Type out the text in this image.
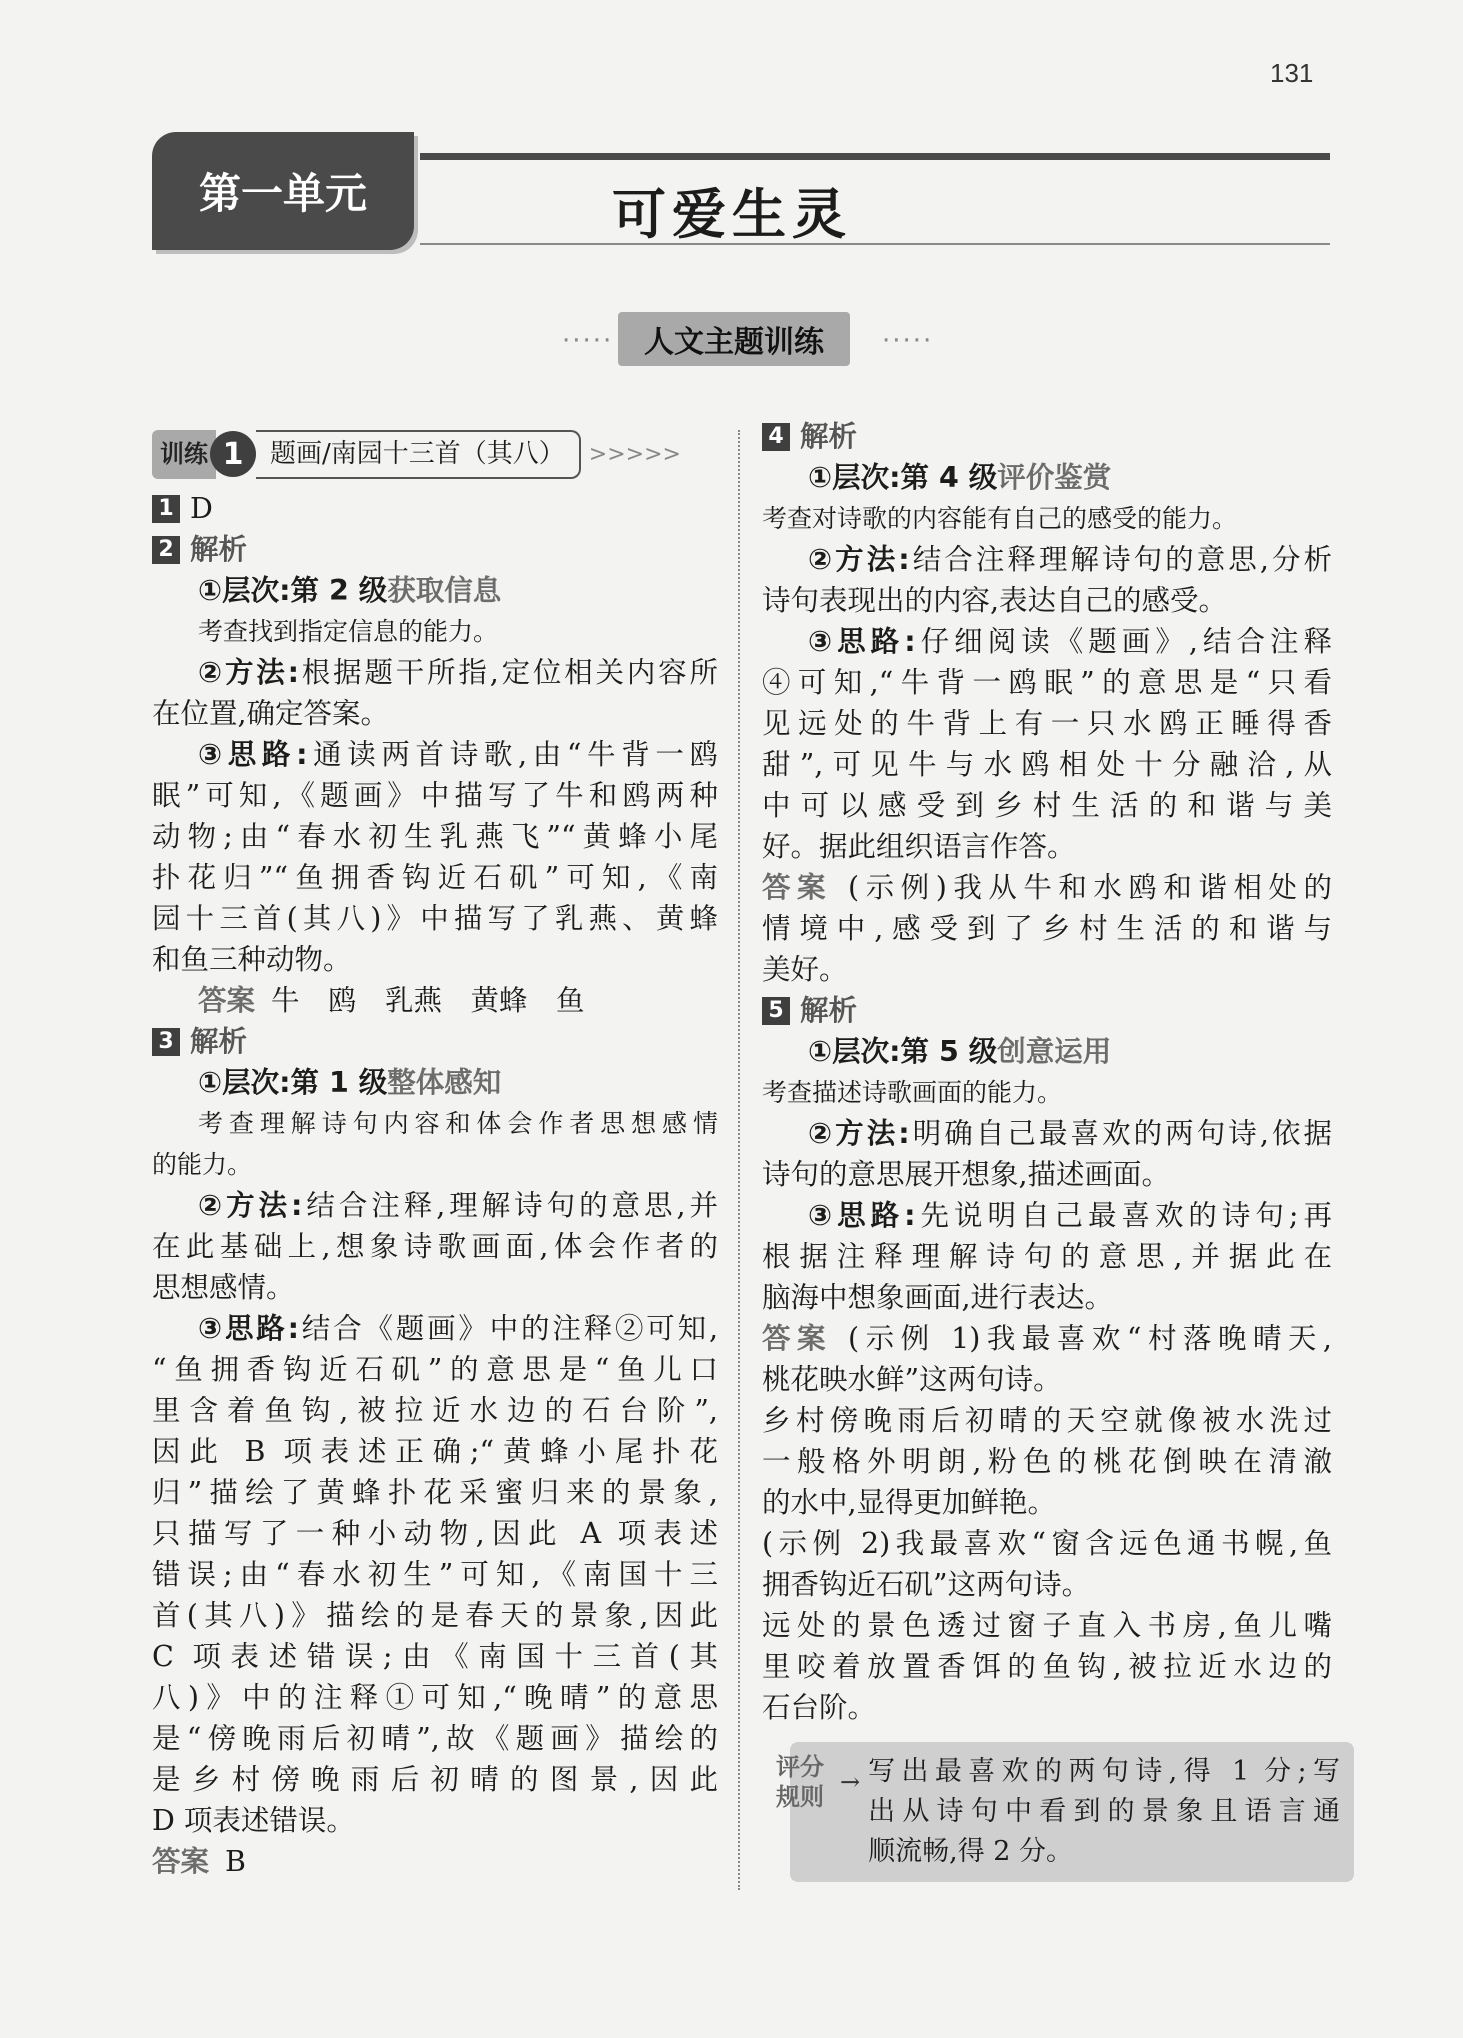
131
第一单元	可爱生灵
·····	人文主题训练	·····
训练 1	题画/南园十三首（其八）	>>>>>
1 D
2 解析

①层次:第 2 级获取信息

考查找到指定信息的能力。

②方法:根据题干所指,定位相关内容所

在位置,确定答案。

③思路:通读两首诗歌,由“牛背一鸥

眠”可知,《题画》中描写了牛和鸥两种

动物;由“春水初生乳燕飞”“黄蜂小尾

扑花归”“鱼拥香钩近石矶”可知,《南

园十三首(其八)》中描写了乳燕、黄蜂

和鱼三种动物。

答案 牛　鸥　乳燕　黄蜂　鱼

3 解析

①层次:第 1 级整体感知

考查理解诗句内容和体会作者思想感情

的能力。

②方法:结合注释,理解诗句的意思,并

在此基础上,想象诗歌画面,体会作者的

思想感情。

③思路:结合《题画》中的注释②可知,

“鱼拥香钩近石矶”的意思是“鱼儿口

里含着鱼钩,被拉近水边的石台阶”,

因此 B 项表述正确;“黄蜂小尾扑花

归”描绘了黄蜂扑花采蜜归来的景象,

只描写了一种小动物,因此 A 项表述

错误;由“春水初生”可知,《南国十三

首(其八)》描绘的是春天的景象,因此

C 项表述错误;由《南国十三首(其

八)》中的注释①可知,“晚晴”的意思

是“傍晚雨后初晴”,故《题画》描绘的

是乡村傍晚雨后初晴的图景,因此

D 项表述错误。

答案 B

4 解析

①层次:第 4 级评价鉴赏

考查对诗歌的内容能有自己的感受的能力。

②方法:结合注释理解诗句的意思,分析

诗句表现出的内容,表达自己的感受。

③思路:仔细阅读《题画》,结合注释

④可知,“牛背一鸥眠”的意思是“只看

见远处的牛背上有一只水鸥正睡得香

甜”,可见牛与水鸥相处十分融洽,从

中可以感受到乡村生活的和谐与美

好。据此组织语言作答。

答案 (示例)我从牛和水鸥和谐相处的

情境中,感受到了乡村生活的和谐与

美好。

5 解析

①层次:第 5 级创意运用

考查描述诗歌画面的能力。

②方法:明确自己最喜欢的两句诗,依据

诗句的意思展开想象,描述画面。

③思路:先说明自己最喜欢的诗句;再

根据注释理解诗句的意思,并据此在

脑海中想象画面,进行表达。

答案 (示例 1)我最喜欢“村落晚晴天,

桃花映水鲜”这两句诗。

乡村傍晚雨后初晴的天空就像被水洗过

一般格外明朗,粉色的桃花倒映在清澈

的水中,显得更加鲜艳。

(示例 2)我最喜欢“窗含远色通书幌,鱼

拥香钩近石矶”这两句诗。

远处的景色透过窗子直入书房,鱼儿嘴

里咬着放置香饵的鱼钩,被拉近水边的

石台阶。

评分
规则
→ 写出最喜欢的两句诗,得 1 分;写
出从诗句中看到的景象且语言通
顺流畅,得 2 分。
